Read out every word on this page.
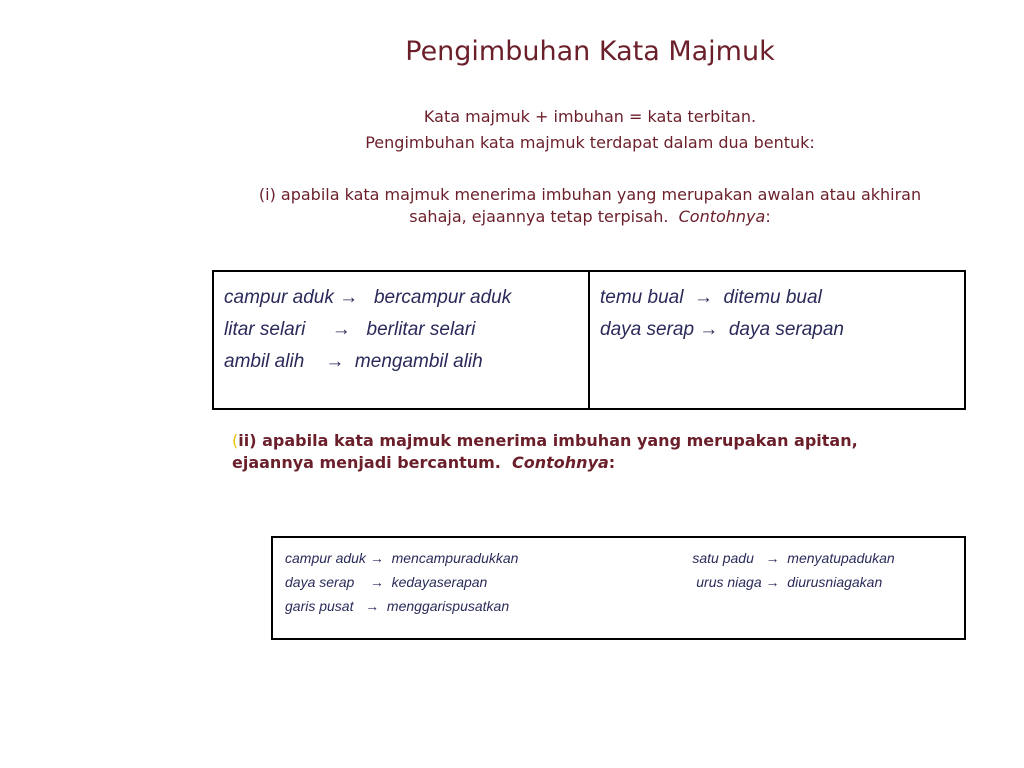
Pengimbuhan Kata Majmuk
Kata majmuk + imbuhan = kata terbitan.
Pengimbuhan kata majmuk terdapat dalam dua bentuk:
(i) apabila kata majmuk menerima imbuhan yang merupakan awalan atau akhiran sahaja, ejaannya tetap terpisah. Contohnya:
campur aduk →   bercampur aduk
litar selari     →   berlitar selari
ambil alih    →  mengambil alih

temu bual  →  ditemu bual
daya serap →  daya serapan
(ii) apabila kata majmuk menerima imbuhan yang merupakan apitan, ejaannya menjadi bercantum. Contohnya:
campur aduk →  mencampuradukkan
daya serap    →  kedayaserapan
garis pusat   →  menggarispusatkan

satu padu   →  menyatupadukan
urus niaga →  diurusniagakan
